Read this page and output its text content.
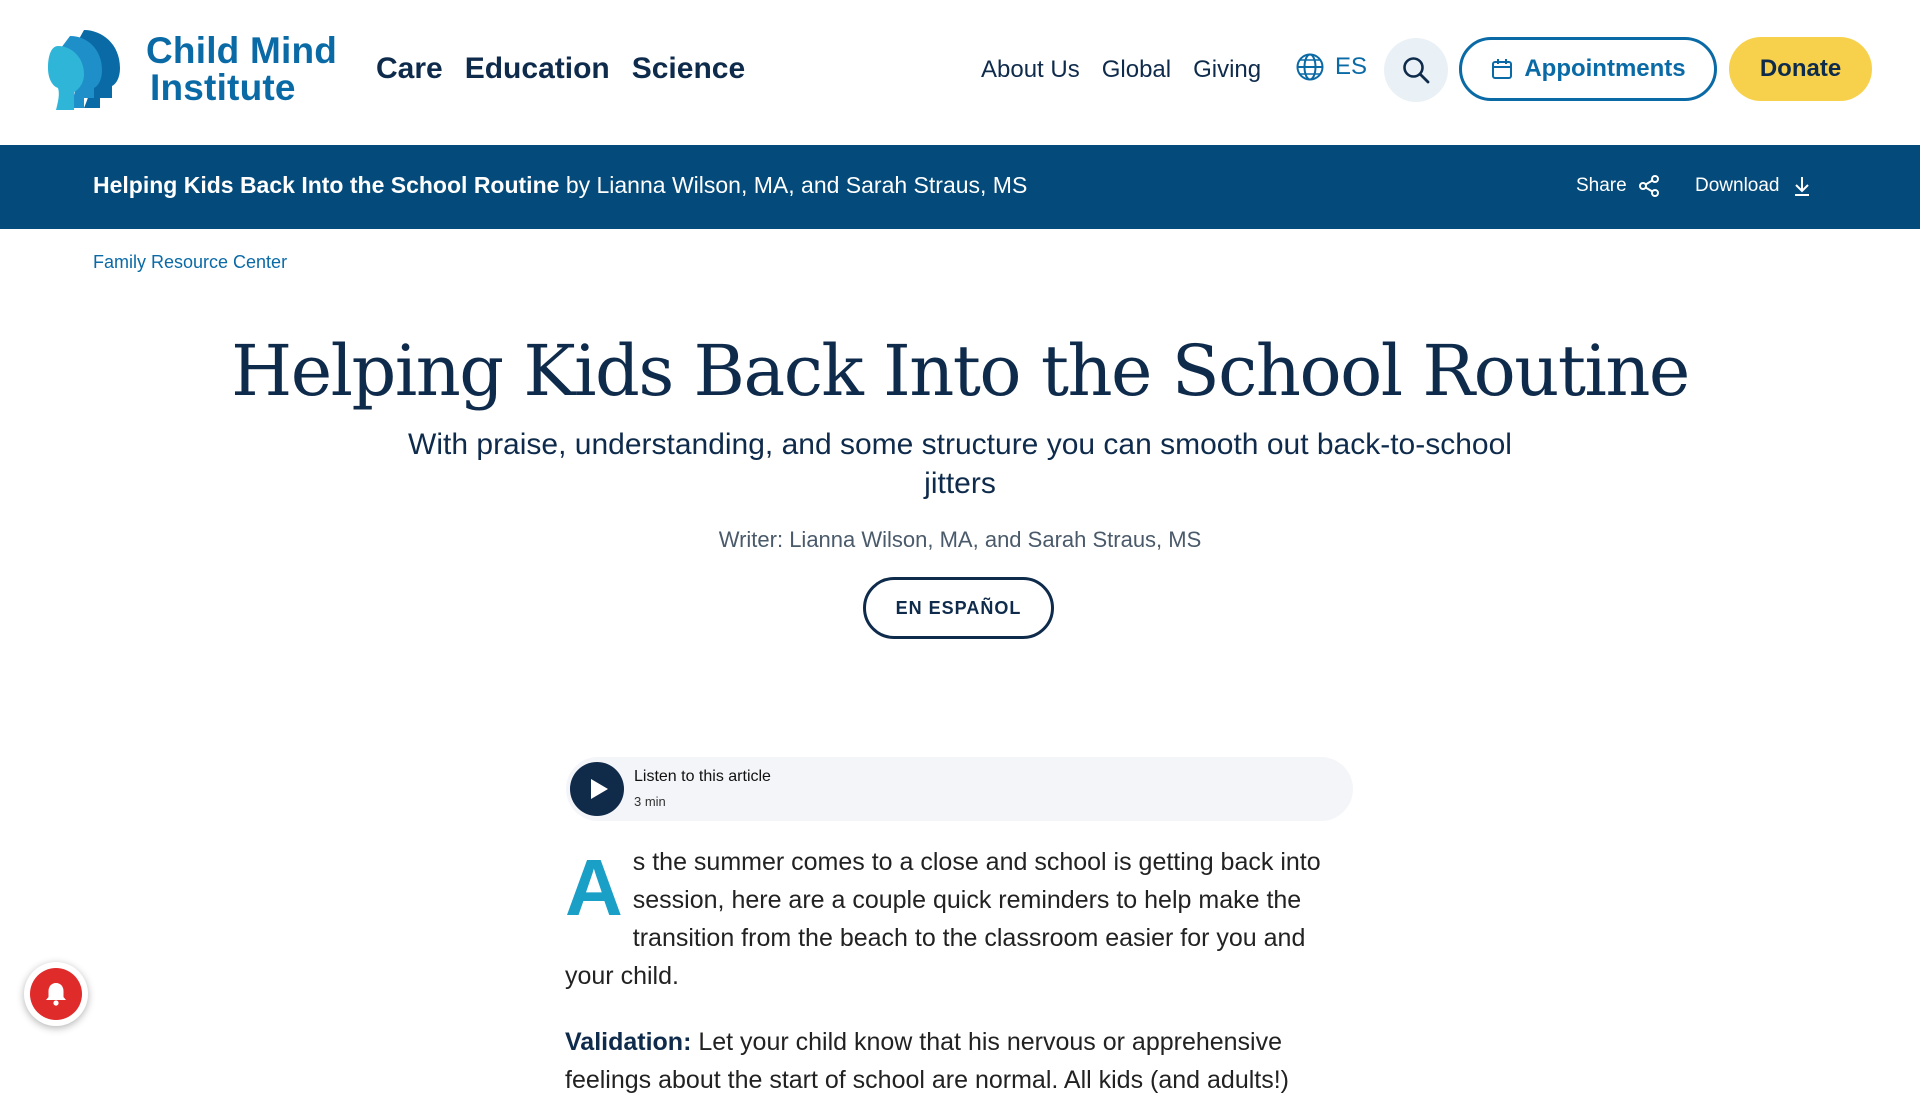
Child Mind
Institute	Care Education Science	About Us Global Giving	ES	Appointments	Donate
Helping Kids Back Into the School Routine by Lianna Wilson, MA, and Sarah Straus, MS	Share	Download
Family Resource Center
Helping Kids Back Into the School Routine
With praise, understanding, and some structure you can smooth out back-to-school jitters
Writer: Lianna Wilson, MA, and Sarah Straus, MS
EN ESPAÑOL
Listen to this article
3 min
As the summer comes to a close and school is getting back into session, here are a couple quick reminders to help make the transition from the beach to the classroom easier for you and your child.
Validation: Let your child know that his nervous or apprehensive feelings about the start of school are normal. All kids (and adults!)
